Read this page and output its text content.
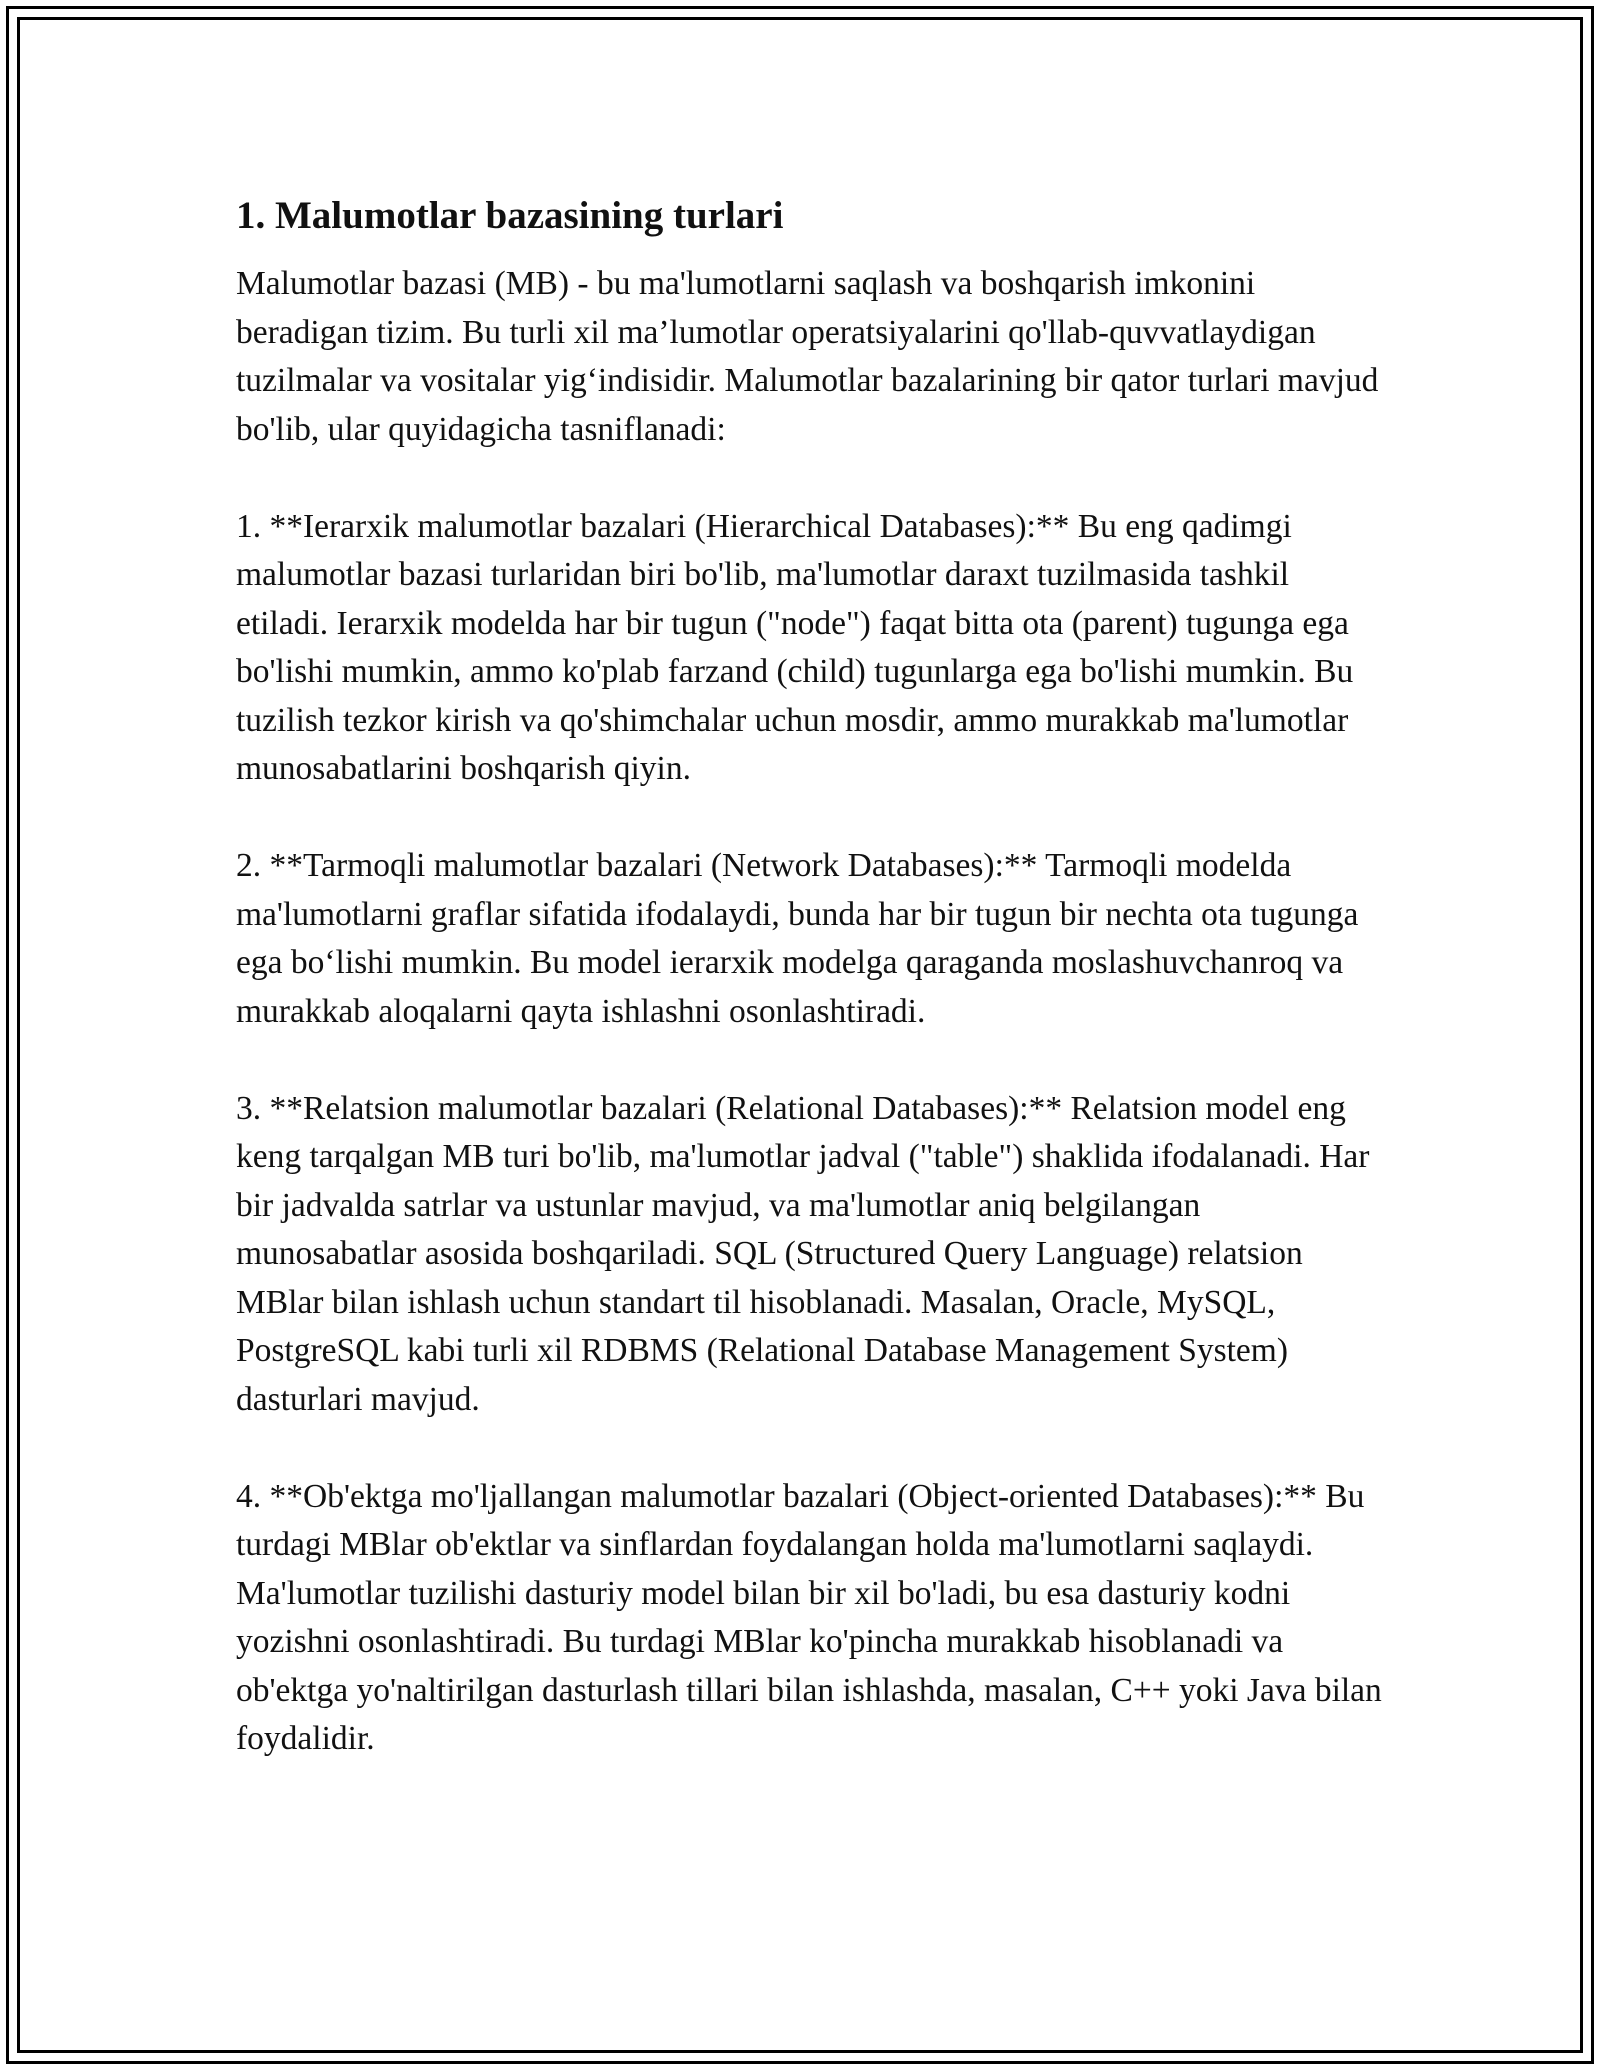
1. Malumotlar bazasining turlari

Malumotlar bazasi (MB) - bu ma'lumotlarni saqlash va boshqarish imkonini beradigan tizim. Bu turli xil ma’lumotlar operatsiyalarini qo'llab-quvvatlaydigan tuzilmalar va vositalar yig‘indisidir. Malumotlar bazalarining bir qator turlari mavjud bo'lib, ular quyidagicha tasniflanadi:

1. **Ierarxik malumotlar bazalari (Hierarchical Databases):** Bu eng qadimgi malumotlar bazasi turlaridan biri bo'lib, ma'lumotlar daraxt tuzilmasida tashkil etiladi. Ierarxik modelda har bir tugun ("node") faqat bitta ota (parent) tugunga ega bo'lishi mumkin, ammo ko'plab farzand (child) tugunlarga ega bo'lishi mumkin. Bu tuzilish tezkor kirish va qo'shimchalar uchun mosdir, ammo murakkab ma'lumotlar munosabatlarini boshqarish qiyin.

2. **Tarmoqli malumotlar bazalari (Network Databases):** Tarmoqli modelda ma'lumotlarni graflar sifatida ifodalaydi, bunda har bir tugun bir nechta ota tugunga ega bo‘lishi mumkin. Bu model ierarxik modelga qaraganda moslashuvchanroq va murakkab aloqalarni qayta ishlashni osonlashtiradi.

3. **Relatsion malumotlar bazalari (Relational Databases):** Relatsion model eng keng tarqalgan MB turi bo'lib, ma'lumotlar jadval ("table") shaklida ifodalanadi. Har bir jadvalda satrlar va ustunlar mavjud, va ma'lumotlar aniq belgilangan munosabatlar asosida boshqariladi. SQL (Structured Query Language) relatsion MBlar bilan ishlash uchun standart til hisoblanadi. Masalan, Oracle, MySQL, PostgreSQL kabi turli xil RDBMS (Relational Database Management System) dasturlari mavjud.

4. **Ob'ektga mo'ljallangan malumotlar bazalari (Object-oriented Databases):** Bu turdagi MBlar ob'ektlar va sinflardan foydalangan holda ma'lumotlarni saqlaydi. Ma'lumotlar tuzilishi dasturiy model bilan bir xil bo'ladi, bu esa dasturiy kodni yozishni osonlashtiradi. Bu turdagi MBlar ko'pincha murakkab hisoblanadi va ob'ektga yo'naltirilgan dasturlash tillari bilan ishlashda, masalan, C++ yoki Java bilan foydalidir.
